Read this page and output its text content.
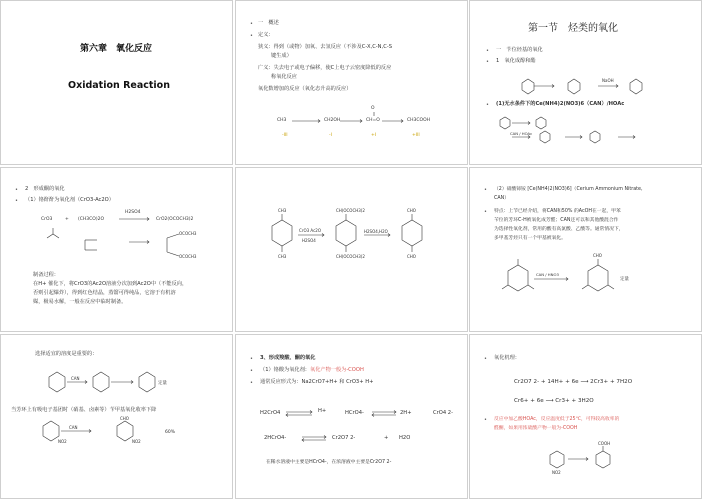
第六章　氧化反应
Oxidation Reaction
• 一　概述
• 定义：
狭义：得到（或物）加氧、去氢反应（不涉及C-X,C-N,C-S
键生成）
广义：失去电子或电子偏移，使C上电子云密度降低的反应
称氧化反应
氧化数增加的反应（氧化态升高的反应）
CH3	CH2OH	CH=O	CH3COOH
O
-III	-I	+I	+III
第一节　烃类的氧化
• 一　苄位烃基的氧化
• 1　氧化成醇和酯
NaOH
• (1)无水条件下的Ce(NH4)2(NO3)6（CAN）/HOAc
CAN / HOAc
• 2　形成酮的氧化
• （1）铬酐酐为氧化剂（CrO3-Ac2O）
CrO3	+ (CH3CO)2O
H2SO4
CrO2(OCOCH3)2
OCOCH3
OCOCH3
制备过程：
在H+ 催化下，将CrO3的Ac2O溶液分次加到Ac2O中（不能反向，
否则引起爆炸），得到红色结晶，蒸馏可得纯品，它溶于有机溶
媒，极易水解，一般在反应中临时制备。
CrO3 Ac2O
H2SO4
H2SO4,H2O
CH3
CH3
CH(OCOCH3)2
CH(OCOCH3)2
CHO
CHO
• （2）硝酸铈铵 [Ce(NH4)2(NO3)6]（Cerium Ammonium Nitrate,
CAN）
• 特点：上节已经介绍，将CAN和50% 的AcOH在一起，甲苯
苄位的芳环C-H被氧化成芳醛；CAN还可以和其他酸混合作
为选择性氧化剂，常用的酸有高氯酸、乙酸等。通常情况下，
多甲基芳烃只有一个甲基被氧化。
CAN / HNO3
CHO
定量
选择适宜的溶度是重要的：
CAN
定量
当芳环上有吸电子基团时（硝基、卤素等）苄甲基氧化收率下降
CAN
CHO
NO2	NO2
60%
• 3、形成羧酸、酮的氧化
• （1）铬酸为氧化剂：氧化产物一般为-COOH
• 通常反应形式为：Na2CrO7+H+ 和 CrO3+ H+
H2CrO4	H+	HCrO4-	2H+	CrO4 2-
2HCrO4-	Cr2O7 2-	+ H2O
在稀水溶液中主要是HCrO4-，在浓溶液中主要是Cr2O7 2-
• 氧化机理：
Cr2O7 2- + 14H+ + 6e ⟶ 2Cr3+ + 7H2O
Cr6+ + 6e ⟶ Cr3+ + 3H2O
• 反应中加乙酸HOAc，反应温度低于25℃，可得较高收率的
醛酮，如果用浓硫酸产物一般为-COOH
COOH
NO2
